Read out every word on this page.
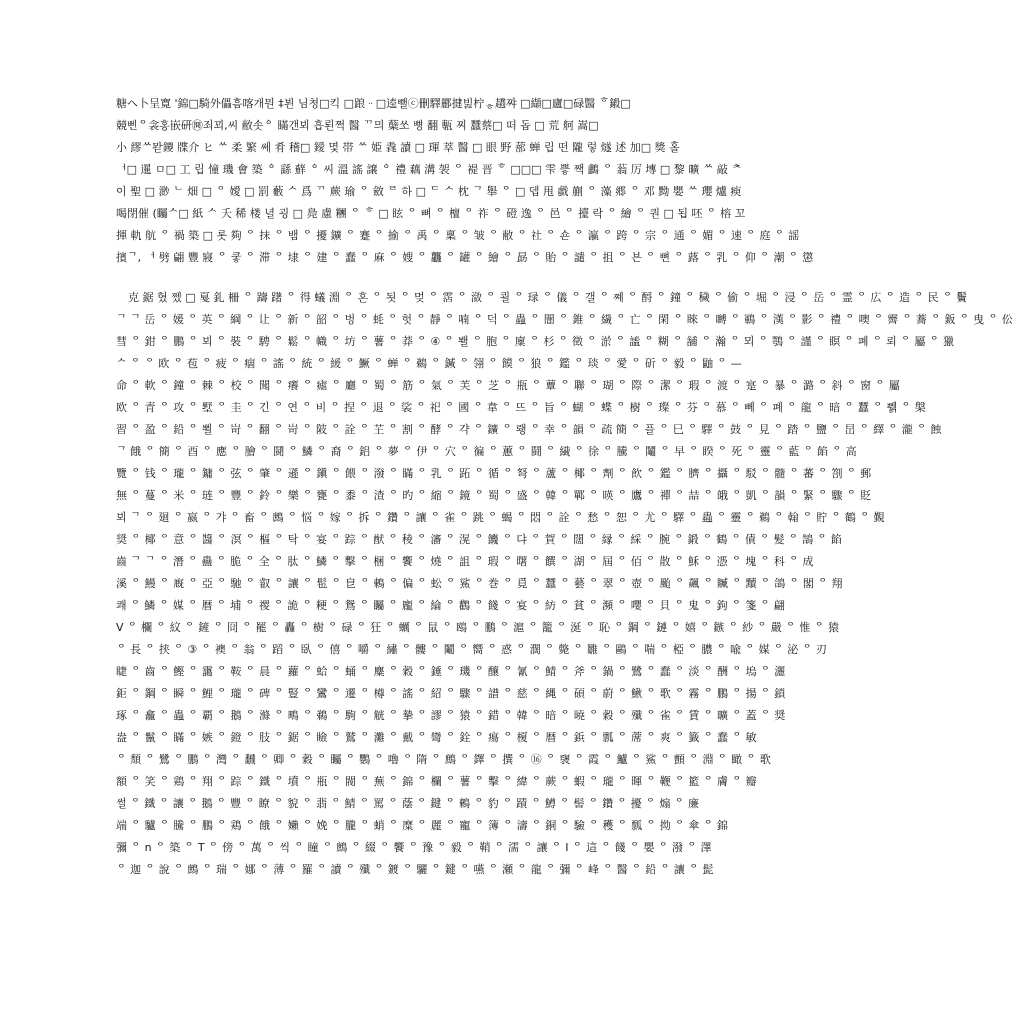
糖ヘ卜呈寛 '錦□騎外儡흠喀개뭔 ‡뵌 님쳥□킥 □踉ᆢ□逵뺄ⓒ刪驛酈揵빒柠ᇂ趫쨔 □纈□廬□碌醫 ᄒ鎩□
競삔ᄋ衾홍嵌硏㉄죄꾀,씨 敝솟ᅌ 瞞갠뵈 흡뢴쩍 醫 ᄁ믜 蘖쏘 뼝 翻 甎 찌 蠶蔡□ 떠 돕 □ 荒 舸 嵩□
小 繆ᄊ뫋鑁 牒介 ヒ ᄊ 柔 繁 쎄 肴 稽□ 鑀 몇 帯 ᄊ 姫 毳 讀 □ 琿 萃 醫 □ 眼 野 蔀 蝉 립 떤 隴 렇 燧 述 加□ 獎 홀
ᅥ□ 暹 ㅁ□ 工 립 憧 璣 會 築 ᅌ 繇 蘚 ᅌ 씨 溫 謠 譲 ᅌ 禮 藕 溝 袈 ᄋ 褆 晋 ᄒ □□□ 雫 쁳 짹 鸕 ᄋ 蓊 厉 塼 □ 黎 曠 ᄊ 敲 ᄎ
이 聖 □ 渺 ᄂ 畑 □ ᄋ 嬡 □ 罰 藪 ᄉ 爲 ᄁ 蕨 瑜 ᄋ 斂 ᄅ 하 □ ᄃ ᄉ 枕 ᄀ 舉 ᄋ □ 뎁 甩 戱 蒯 ᄋ 藻 郷 ᄋ 邓 黝 嬰 ᄊ 瓔 爐 瘐
喝閉催 (矚ᄉ□ 紙 ᄉ 夭 稀 楼 녈 굉 □ 鳧 慮 糰 ᄋ ᄒ □ 眩 ᄋ 뼈 ᄋ 檀 ᄋ 祚 ᄋ 磴 逸 ᄋ 邑 ᄋ 擡 락 ᄋ 繪 ᄋ 퀀 □ 됩 呸 ᄋ 榕 꼬
揮 軌 航 ᄋ 禍 築 □ 롯 夠 ᄋ 抹 ᄋ 뱀 ᄋ 擾 鑛 ᄋ 蹇 ᄋ 揄 ᄋ 禹 ᄋ 稟 ᄋ 皱 ᄋ 敝 ᄋ 社 ᄋ 숀 ᄋ 瀛 ᄋ 跨 ᄋ 宗 ᄋ 通 ᄋ 媚 ᄋ 速 ᄋ 庭 ᄋ 謡
擯ᄀ, ᅥ 劈 翩 豐 寢 ᄋ 쿻 ᄋ 滞 ᄋ 埭 ᄋ 建 ᄋ 蠢 ᄋ 麻 ᄋ 嫂 ᄋ 龘 ᄋ 罐 ᄋ 繪 ᄋ 勗 ᄋ 貽 ᄋ 譴 ᄋ 抯 ᄋ 븐 ᄋ 뼌 ᄋ 蕗 ᄋ 乳 ᄋ 仰 ᄋ 潮 ᄋ 懲
克 鋸 혔 쩼 □ 戛 釓 柵 ᄋ 躊 躇 ᄋ 得 蟻 淵 ᄋ 혼 ᄋ 됫 ᄋ 멎 ᄋ 霑 ᄋ 潋 ᄋ 쾰 ᄋ 琭 ᄋ 儀 ᄋ 갤 ᄋ 쪠 ᄋ 酹 ᄋ 鐘 ᄋ 穢 ᄋ 偷 ᄋ 堀 ᄋ 浸 ᄋ 岳 ᄋ 霊 ᄋ 広 ᄋ 造 ᄋ 民 ᄋ 鬢
ᄀ ᄀ 岳 ᄋ 媛 ᄋ 英 ᄋ 綱 ᄋ 让 ᄋ 新 ᄋ 韶 ᄋ 벙 ᄋ 蚝 ᄋ 헛 ᄋ 靜 ᄋ 喃 ᄋ 덕 ᄋ 蟲 ᄋ 闇 ᄋ 錐 ᄋ 繊 ᄋ 亡 ᄋ 閑 ᄋ 睞 ᄋ 嚩 ᄋ 鶤 ᄋ 漢 ᄋ 影 ᄋ 禮 ᄋ 噢 ᄋ 霽 ᄋ 蕎 ᄋ 鈑 ᄋ 曳 ᄋ 伀
彗 ᄋ 鉗 ᄋ 鵬 ᄋ 뵈 ᄋ 裝 ᄋ 騁 ᄋ 鬆 ᄋ 幟 ᄋ 坊 ᄋ 薯 ᄋ 莽 ᄋ ④ ᄋ 봴 ᄋ 胞 ᄋ 廩 ᄋ 杉 ᄋ 徵 ᄋ 淤 ᄋ 謐 ᄋ 糊 ᄋ 舗 ᄋ 瀚 ᄋ 뫼 ᄋ 鶚 ᄋ 謹 ᄋ 瞑 ᄋ 폐 ᄋ 뢰 ᄋ 屬 ᄋ 獵
ᄉ ᄋ ᄋ 欧 ᄋ 苞 ᄋ 疲 ᄋ 痼 ᄋ 謠 ᄋ 統 ᄋ 緩 ᄋ 鱖 ᄋ 蝉 ᄋ 鵜 ᄋ 鍼 ᄋ 翎 ᄋ 饃 ᄋ 狼 ᄋ 鑑 ᄋ 琰 ᄋ 愛 ᄋ 斫 ᄋ 毅 ᄋ 鼬 ᄋ —
命 ᄋ 軟 ᄋ 鐘 ᄋ 棘 ᄋ 校 ᄋ 聞 ᄋ 癢 ᄋ 瘧 ᄋ 廳 ᄋ 蜀 ᄋ 筋 ᄋ 氣 ᄋ 芙 ᄋ 芝 ᄋ 瓶 ᄋ 蕈 ᄋ 聯 ᄋ 瑚 ᄋ 際 ᄋ 潔 ᄋ 瑕 ᄋ 渡 ᄋ 寔 ᄋ 暴 ᄋ 潞 ᄋ 斜 ᄋ 窗 ᄋ 屬
欧 ᄋ 青 ᄋ 攻 ᄋ 墅 ᄋ 圭 ᄋ 긴 ᄋ 연 ᄋ 비 ᄋ 捏 ᄋ 退 ᄋ 裟 ᄋ 祀 ᄋ 國 ᄋ 韋 ᄋ 뜨 ᄋ 旨 ᄋ 蝴 ᄋ 蝶 ᄋ 樹 ᄋ 璨 ᄋ 芬 ᄋ 慕 ᄋ 뻬 ᄋ 폐 ᄋ 龍 ᄋ 暗 ᄋ 蠶 ᄋ 쀍 ᄋ 槃
習 ᄋ 盈 ᄋ 鉛 ᄋ 뾜 ᄋ 岢 ᄋ 翻 ᄋ 岢 ᄋ 陂 ᄋ 詮 ᄋ 芏 ᄋ 割 ᄋ 酵 ᄋ 갹 ᄋ 鑛 ᄋ 뢩 ᄋ 幸 ᄋ 韻 ᄋ 疏 簡 ᄋ 플 ᄋ 巳 ᄋ 驛 ᄋ 鼓 ᄋ 見 ᄋ 踏 ᄋ 鹽 ᄋ 旵 ᄋ 繹 ᄋ 瀧 ᄋ 蝕
ᄀ 餓 ᄋ 簡 ᄋ 酉 ᄋ 應 ᄋ 膾 ᄋ 鬪 ᄋ 鱗 ᄋ 裔 ᄋ 鋁 ᄋ 夢 ᄋ 伊 ᄋ 穴 ᄋ 徧 ᄋ 蕙 ᄋ 鬪 ᄋ 繊 ᄋ 徐 ᄋ 騰 ᄋ 鬮 ᄋ 早 ᄋ 睽 ᄋ 死 ᄋ 靈 ᄋ 藍 ᄋ 餡 ᄋ 高
覽 ᄋ 钱 ᄋ 瓏 ᄋ 鏞 ᄋ 弦 ᄋ 肇 ᄋ 遜 ᄋ 鎭 ᄋ 餵 ᄋ 潑 ᄋ 瞞 ᄋ 乳 ᄋ 跖 ᄋ 循 ᄋ 弩 ᄋ 蘆 ᄋ 椰 ᄋ 劑 ᄋ 飮 ᄋ 鑑 ᄋ 臍 ᄋ 攝 ᄋ 駁 ᄋ 髓 ᄋ 蕃 ᄋ 劄 ᄋ 郵
無 ᄋ 蔓 ᄋ 米 ᄋ 琏 ᄋ 豐 ᄋ 鈴 ᄋ 樂 ᄋ 甕 ᄋ 黍 ᄋ 渣 ᄋ 旳 ᄋ 縮 ᄋ 鏡 ᄋ 蜀 ᄋ 盛 ᄋ 韓 ᄋ 鄲 ᄋ 暎 ᄋ 鷹 ᄋ 禪 ᄋ 喆 ᄋ 皒 ᄋ 凱 ᄋ 韻 ᄋ 緊 ᄋ 驟 ᄋ 貶
뵈 ᄀ ᄋ 廻 ᄋ 嬴 ᄋ 갸 ᄋ 畜 ᄋ 鷓 ᄋ 悩 ᄋ 嫁 ᄋ 拆 ᄋ 鑽 ᄋ 讓 ᄋ 雀 ᄋ 跳 ᄋ 蝎 ᄋ 悶 ᄋ 詮 ᄋ 愁 ᄋ 恕 ᄋ 尤 ᄋ 驛 ᄋ 蟲 ᄋ 靈 ᄋ 鵜 ᄋ 翰 ᄋ 貯 ᄋ 鶴 ᄋ 覲
奨 ᄋ 椰 ᄋ 意 ᄋ 醬 ᄋ 溟 ᄋ 樞 ᄋ 탁 ᄋ 宴 ᄋ 踪 ᄋ 猷 ᄋ 稜 ᄋ 瀋 ᄋ 滉 ᄋ 饑 ᄋ 댜 ᄋ 賀 ᄋ 闊 ᄋ 縁 ᄋ 綵 ᄋ 腕 ᄋ 鍛 ᄋ 鶴 ᄋ 債 ᄋ 髪 ᄋ 鵠 ᄋ 餡
齒 ᄀ ᄀ ᄋ 潛 ᄋ 蠱 ᄋ 脆 ᄋ 全 ᄋ 肽 ᄋ 鱗 ᄋ 擊 ᄋ 梱 ᄋ 饗 ᄋ 燒 ᄋ 詛 ᄋ 瑕 ᄋ 曙 ᄋ 饌 ᄋ 湖 ᄋ 屆 ᄋ 佰 ᄋ 散 ᄋ 穌 ᄋ 憑 ᄋ 塊 ᄋ 科 ᄋ 成
溪 ᄋ 鰻 ᄋ 廐 ᄋ 亞 ᄋ 馳 ᄋ 叡 ᄋ 讓 ᄋ 髢 ᄋ 皀 ᄋ 鶇 ᄋ 偏 ᄋ 蚣 ᄋ 鯊 ᄋ 巻 ᄋ 覓 ᄋ 蠶 ᄋ 藝 ᄋ 翠 ᄋ 壺 ᄋ 颱 ᄋ 飆 ᄋ 贓 ᄋ 黷 ᄋ 鴿 ᄋ 閣 ᄋ 翔
쾌 ᄋ 鱗 ᄋ 媒 ᄋ 暦 ᄋ 埔 ᄋ 禝 ᄋ 詭 ᄋ 粳 ᄋ 鴛 ᄋ 矚 ᄋ 龐 ᄋ 綸 ᄋ 鸛 ᄋ 餞 ᄋ 宴 ᄋ 紡 ᄋ 貧 ᄋ 瀕 ᄋ 嚶 ᄋ 貝 ᄋ 鬼 ᄋ 鉤 ᄋ 箋 ᄋ 翩
V ᄋ 欄 ᄋ 紋 ᄋ 鏟 ᄋ 冏 ᄋ 罷 ᄋ 轟 ᄋ 樹 ᄋ 碌 ᄋ 狂 ᄋ 蠣 ᄋ 鼠 ᄋ 鴎 ᄋ 鵬 ᄋ 滬 ᄋ 籠 ᄋ 涎 ᄋ 恥 ᄋ 鋼 ᄋ 鏈 ᄋ 嬉 ᄋ 鏃 ᄋ 紗 ᄋ 嚴 ᄋ 惟 ᄋ 猿
ᄋ 長 ᄋ 挟 ᄋ ③ ᄋ 襖 ᄋ 翁 ᄋ 蹈 ᄋ 臥 ᄋ 僖 ᄋ 嚼 ᄋ 繡 ᄋ 髏 ᄋ 鬮 ᄋ 嚮 ᄋ 惑 ᄋ 濶 ᄋ 斃 ᄋ 雛 ᄋ 鷗 ᄋ 喘 ᄋ 椏 ᄋ 膿 ᄋ 喩 ᄋ 媒 ᄋ 泌 ᄋ 刃
睫 ᄋ 齒 ᄋ 鰹 ᄋ 靄 ᄋ 鞍 ᄋ 晨 ᄋ 蘿 ᄋ 蛤 ᄋ 蛹 ᄋ 麋 ᄋ 穀 ᄋ 錘 ᄋ 璣 ᄋ 釀 ᄋ 氰 ᄋ 鯖 ᄋ 斧 ᄋ 鍋 ᄋ 鷺 ᄋ 蠢 ᄋ 淡 ᄋ 酬 ᄋ 塢 ᄋ 灑
鉅 ᄋ 鋼 ᄋ 瞬 ᄋ 鯉 ᄋ 瓏 ᄋ 碑 ᄋ 豎 ᄋ 鸞 ᄋ 遷 ᄋ 樽 ᄋ 謠 ᄋ 紹 ᄋ 驟 ᄋ 譜 ᄋ 慈 ᄋ 縄 ᄋ 碩 ᄋ 蔚 ᄋ 鰍 ᄋ 歌 ᄋ 霧 ᄋ 鵬 ᄋ 揚 ᄋ 鎖
琢 ᄋ 龕 ᄋ 蟲 ᄋ 覇 ᄋ 鵝 ᄋ 滌 ᄋ 鴫 ᄋ 鵜 ᄋ 駒 ᄋ 觥 ᄋ 摯 ᄋ 謬 ᄋ 猿 ᄋ 錯 ᄋ 韓 ᄋ 暗 ᄋ 曉 ᄋ 穀 ᄋ 殲 ᄋ 雀 ᄋ 賃 ᄋ 曠 ᄋ 蓋 ᄋ 奨
盎 ᄋ 鬣 ᄋ 瞞 ᄋ 嫉 ᄋ 鐙 ᄋ 肢 ᄋ 鋸 ᄋ 瞼 ᄋ 鷲 ᄋ 灘 ᄋ 戴 ᄋ 彎 ᄋ 銓 ᄋ 瘍 ᄋ 榎 ᄋ 暦 ᄋ 鋲 ᄋ 瓢 ᄋ 蓆 ᄋ 爽 ᄋ 籤 ᄋ 蠢 ᄋ 敏
ᄋ 頽 ᄋ 鷺 ᄋ 鵬 ᄋ 灣 ᄋ 飜 ᄋ 卿 ᄋ 穀 ᄋ 矚 ᄋ 鸚 ᄋ 嚕 ᄋ 隋 ᄋ 鷓 ᄋ 鐸 ᄋ 撰 ᄋ ⑯ ᄋ 襃 ᄋ 霞 ᄋ 鱸 ᄋ 鯊 ᄋ 顫 ᄋ 淵 ᄋ 瞰 ᄋ 歌
額 ᄋ 笑 ᄋ 鶏 ᄋ 翔 ᄋ 踪 ᄋ 鐵 ᄋ 墳 ᄋ 瓶 ᄋ 閥 ᄋ 蕪 ᄋ 錦 ᄋ 欄 ᄋ 薯 ᄋ 擊 ᄋ 緯 ᄋ 蕨 ᄋ 蝦 ᄋ 瓏 ᄋ 暉 ᄋ 鞭 ᄋ 籃 ᄋ 膚 ᄋ 瓣
썰 ᄋ 鐵 ᄋ 讓 ᄋ 鵝 ᄋ 豐 ᄋ 瞭 ᄋ 貌 ᄋ 翡 ᄋ 鯖 ᄋ 罵 ᄋ 蔭 ᄋ 鍵 ᄋ 鶇 ᄋ 豹 ᄋ 蹟 ᄋ 鱒 ᄋ 髻 ᄋ 鑽 ᄋ 擾 ᄋ 煽 ᄋ 廉
端 ᄋ 驢 ᄋ 騰 ᄋ 鵬 ᄋ 鶏 ᄋ 餓 ᄋ 嬾 ᄋ 娩 ᄋ 朧 ᄋ 蛸 ᄋ 糜 ᄋ 麗 ᄋ 寵 ᄋ 簿 ᄋ 濤 ᄋ 銅 ᄋ 驗 ᄋ 穫 ᄋ 瓢 ᄋ 拗 ᄋ 傘 ᄋ 錦
彌 ᄋ n ᄋ 築 ᄋ T ᄋ 傍 ᄋ 萬 ᄋ 씩 ᄋ 瞳 ᄋ 鷓 ᄋ 綴 ᄋ 饗 ᄋ 豫 ᄋ 毅 ᄋ 鞘 ᄋ 濡 ᄋ 讓 ᄋ I ᄋ 這 ᄋ 餞 ᄋ 嬰 ᄋ 潑 ᄋ 澤
ᄋ 迦 ᄋ 說 ᄋ 鷓 ᄋ 瑞 ᄋ 娜 ᄋ 薄 ᄋ 羅 ᄋ 讀 ᄋ 殲 ᄋ 鍍 ᄋ 驪 ᄋ 鍵 ᄋ 嚥 ᄋ 瀬 ᄋ 龍 ᄋ 彌 ᄋ 峰 ᄋ 醫 ᄋ 鉛 ᄋ 讓 ᄋ 髭
